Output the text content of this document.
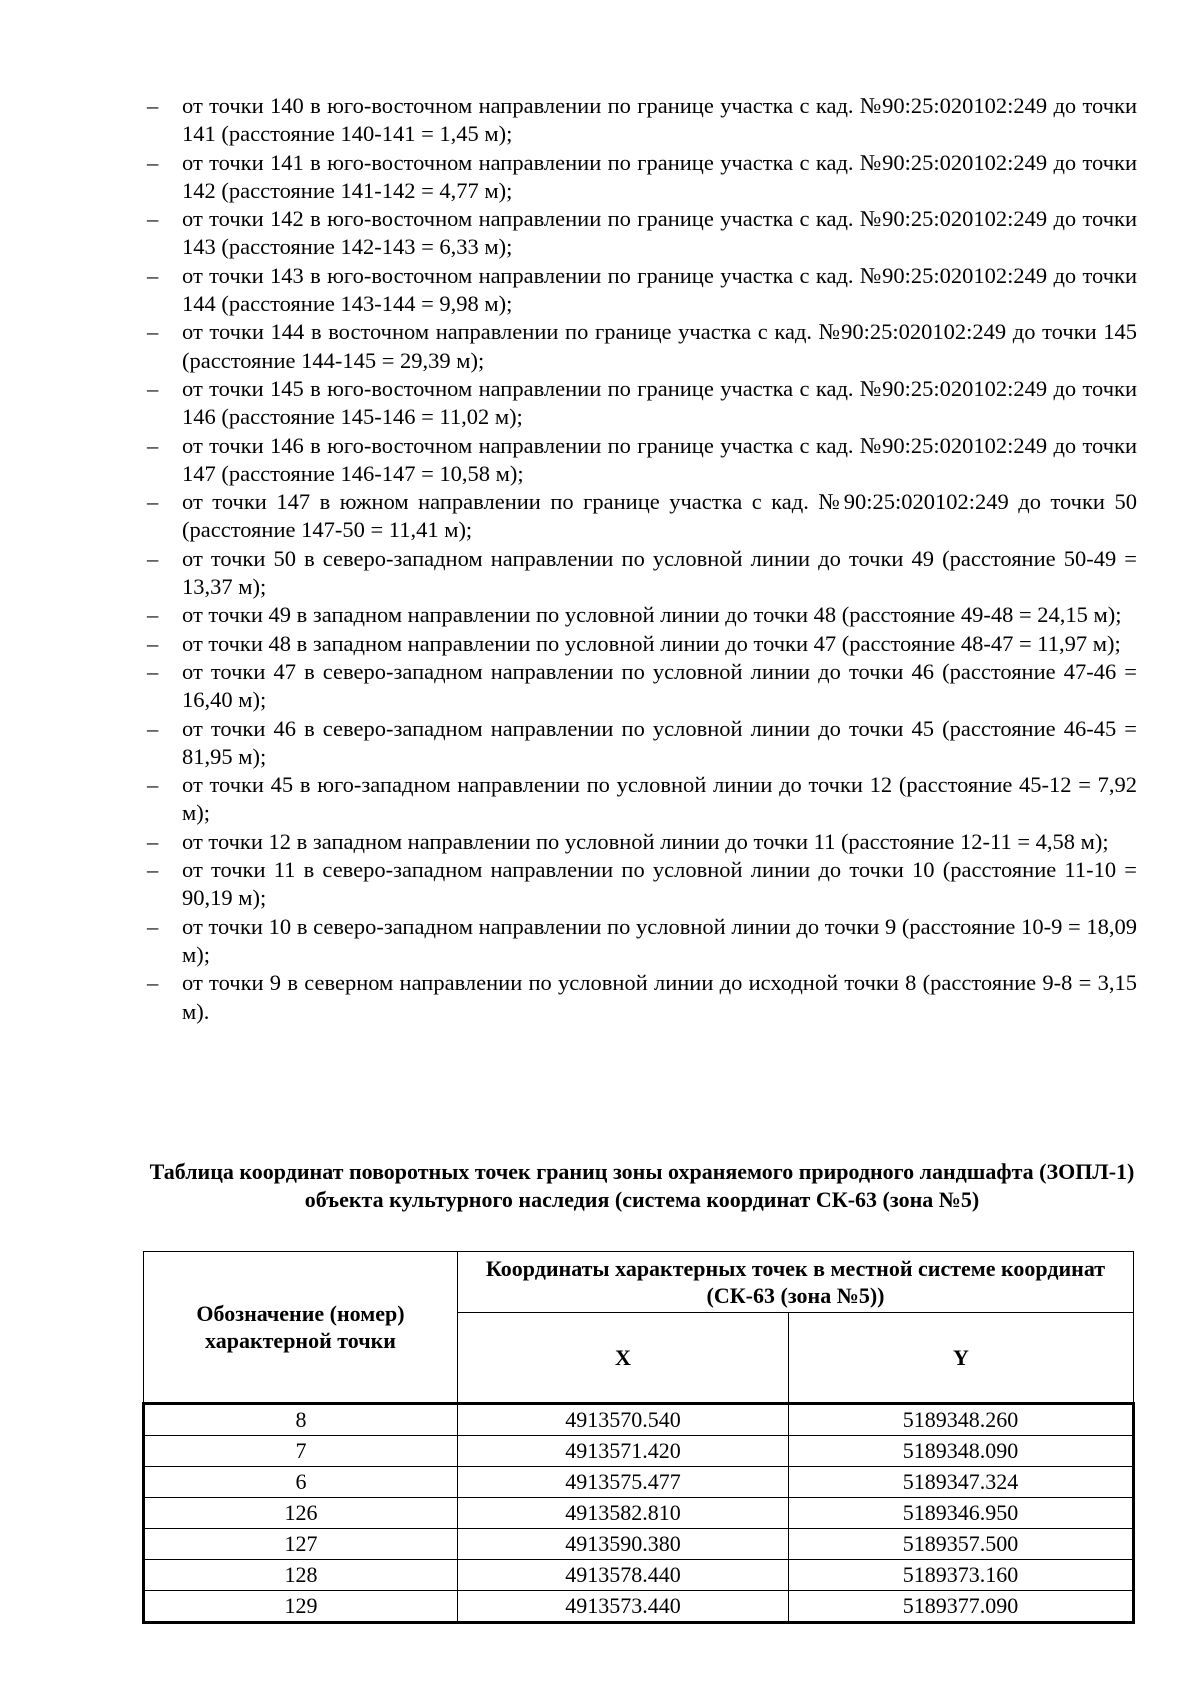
– от точки 140 в юго-восточном направлении по границе участка с кад. №90:25:020102:249 до точки 141 (расстояние 140-141 = 1,45 м);
– от точки 141 в юго-восточном направлении по границе участка с кад. №90:25:020102:249 до точки 142 (расстояние 141-142 = 4,77 м);
– от точки 142 в юго-восточном направлении по границе участка с кад. №90:25:020102:249 до точки 143 (расстояние 142-143 = 6,33 м);
– от точки 143 в юго-восточном направлении по границе участка с кад. №90:25:020102:249 до точки 144 (расстояние 143-144 = 9,98 м);
– от точки 144 в восточном направлении по границе участка с кад. №90:25:020102:249 до точки 145 (расстояние 144-145 = 29,39 м);
– от точки 145 в юго-восточном направлении по границе участка с кад. №90:25:020102:249 до точки 146 (расстояние 145-146 = 11,02 м);
– от точки 146 в юго-восточном направлении по границе участка с кад. №90:25:020102:249 до точки 147 (расстояние 146-147 = 10,58 м);
– от точки 147 в южном направлении по границе участка с кад. №90:25:020102:249 до точки 50 (расстояние 147-50 = 11,41 м);
– от точки 50 в северо-западном направлении по условной линии до точки 49 (расстояние 50-49 = 13,37 м);
– от точки 49 в западном направлении по условной линии до точки 48 (расстояние 49-48 = 24,15 м);
– от точки 48 в западном направлении по условной линии до точки 47 (расстояние 48-47 = 11,97 м);
– от точки 47 в северо-западном направлении по условной линии до точки 46 (расстояние 47-46 = 16,40 м);
– от точки 46 в северо-западном направлении по условной линии до точки 45 (расстояние 46-45 = 81,95 м);
– от точки 45 в юго-западном направлении по условной линии до точки 12 (расстояние 45-12 = 7,92 м);
– от точки 12 в западном направлении по условной линии до точки 11 (расстояние 12-11 = 4,58 м);
– от точки 11 в северо-западном направлении по условной линии до точки 10 (расстояние 11-10 = 90,19 м);
– от точки 10 в северо-западном направлении по условной линии до точки 9 (расстояние 10-9 = 18,09 м);
– от точки 9 в северном направлении по условной линии до исходной точки 8 (расстояние 9-8 = 3,15 м).
Таблица координат поворотных точек границ зоны охраняемого природного ландшафта (ЗОПЛ-1) объекта культурного наследия (система координат СК-63 (зона №5)
Обозначение (номер) характерной точки	Координаты характерных точек в местной системе координат (СК-63 (зона №5))	
	X	Y
8	4913570.540	5189348.260
7	4913571.420	5189348.090
6	4913575.477	5189347.324
126	4913582.810	5189346.950
127	4913590.380	5189357.500
128	4913578.440	5189373.160
129	4913573.440	5189377.090
